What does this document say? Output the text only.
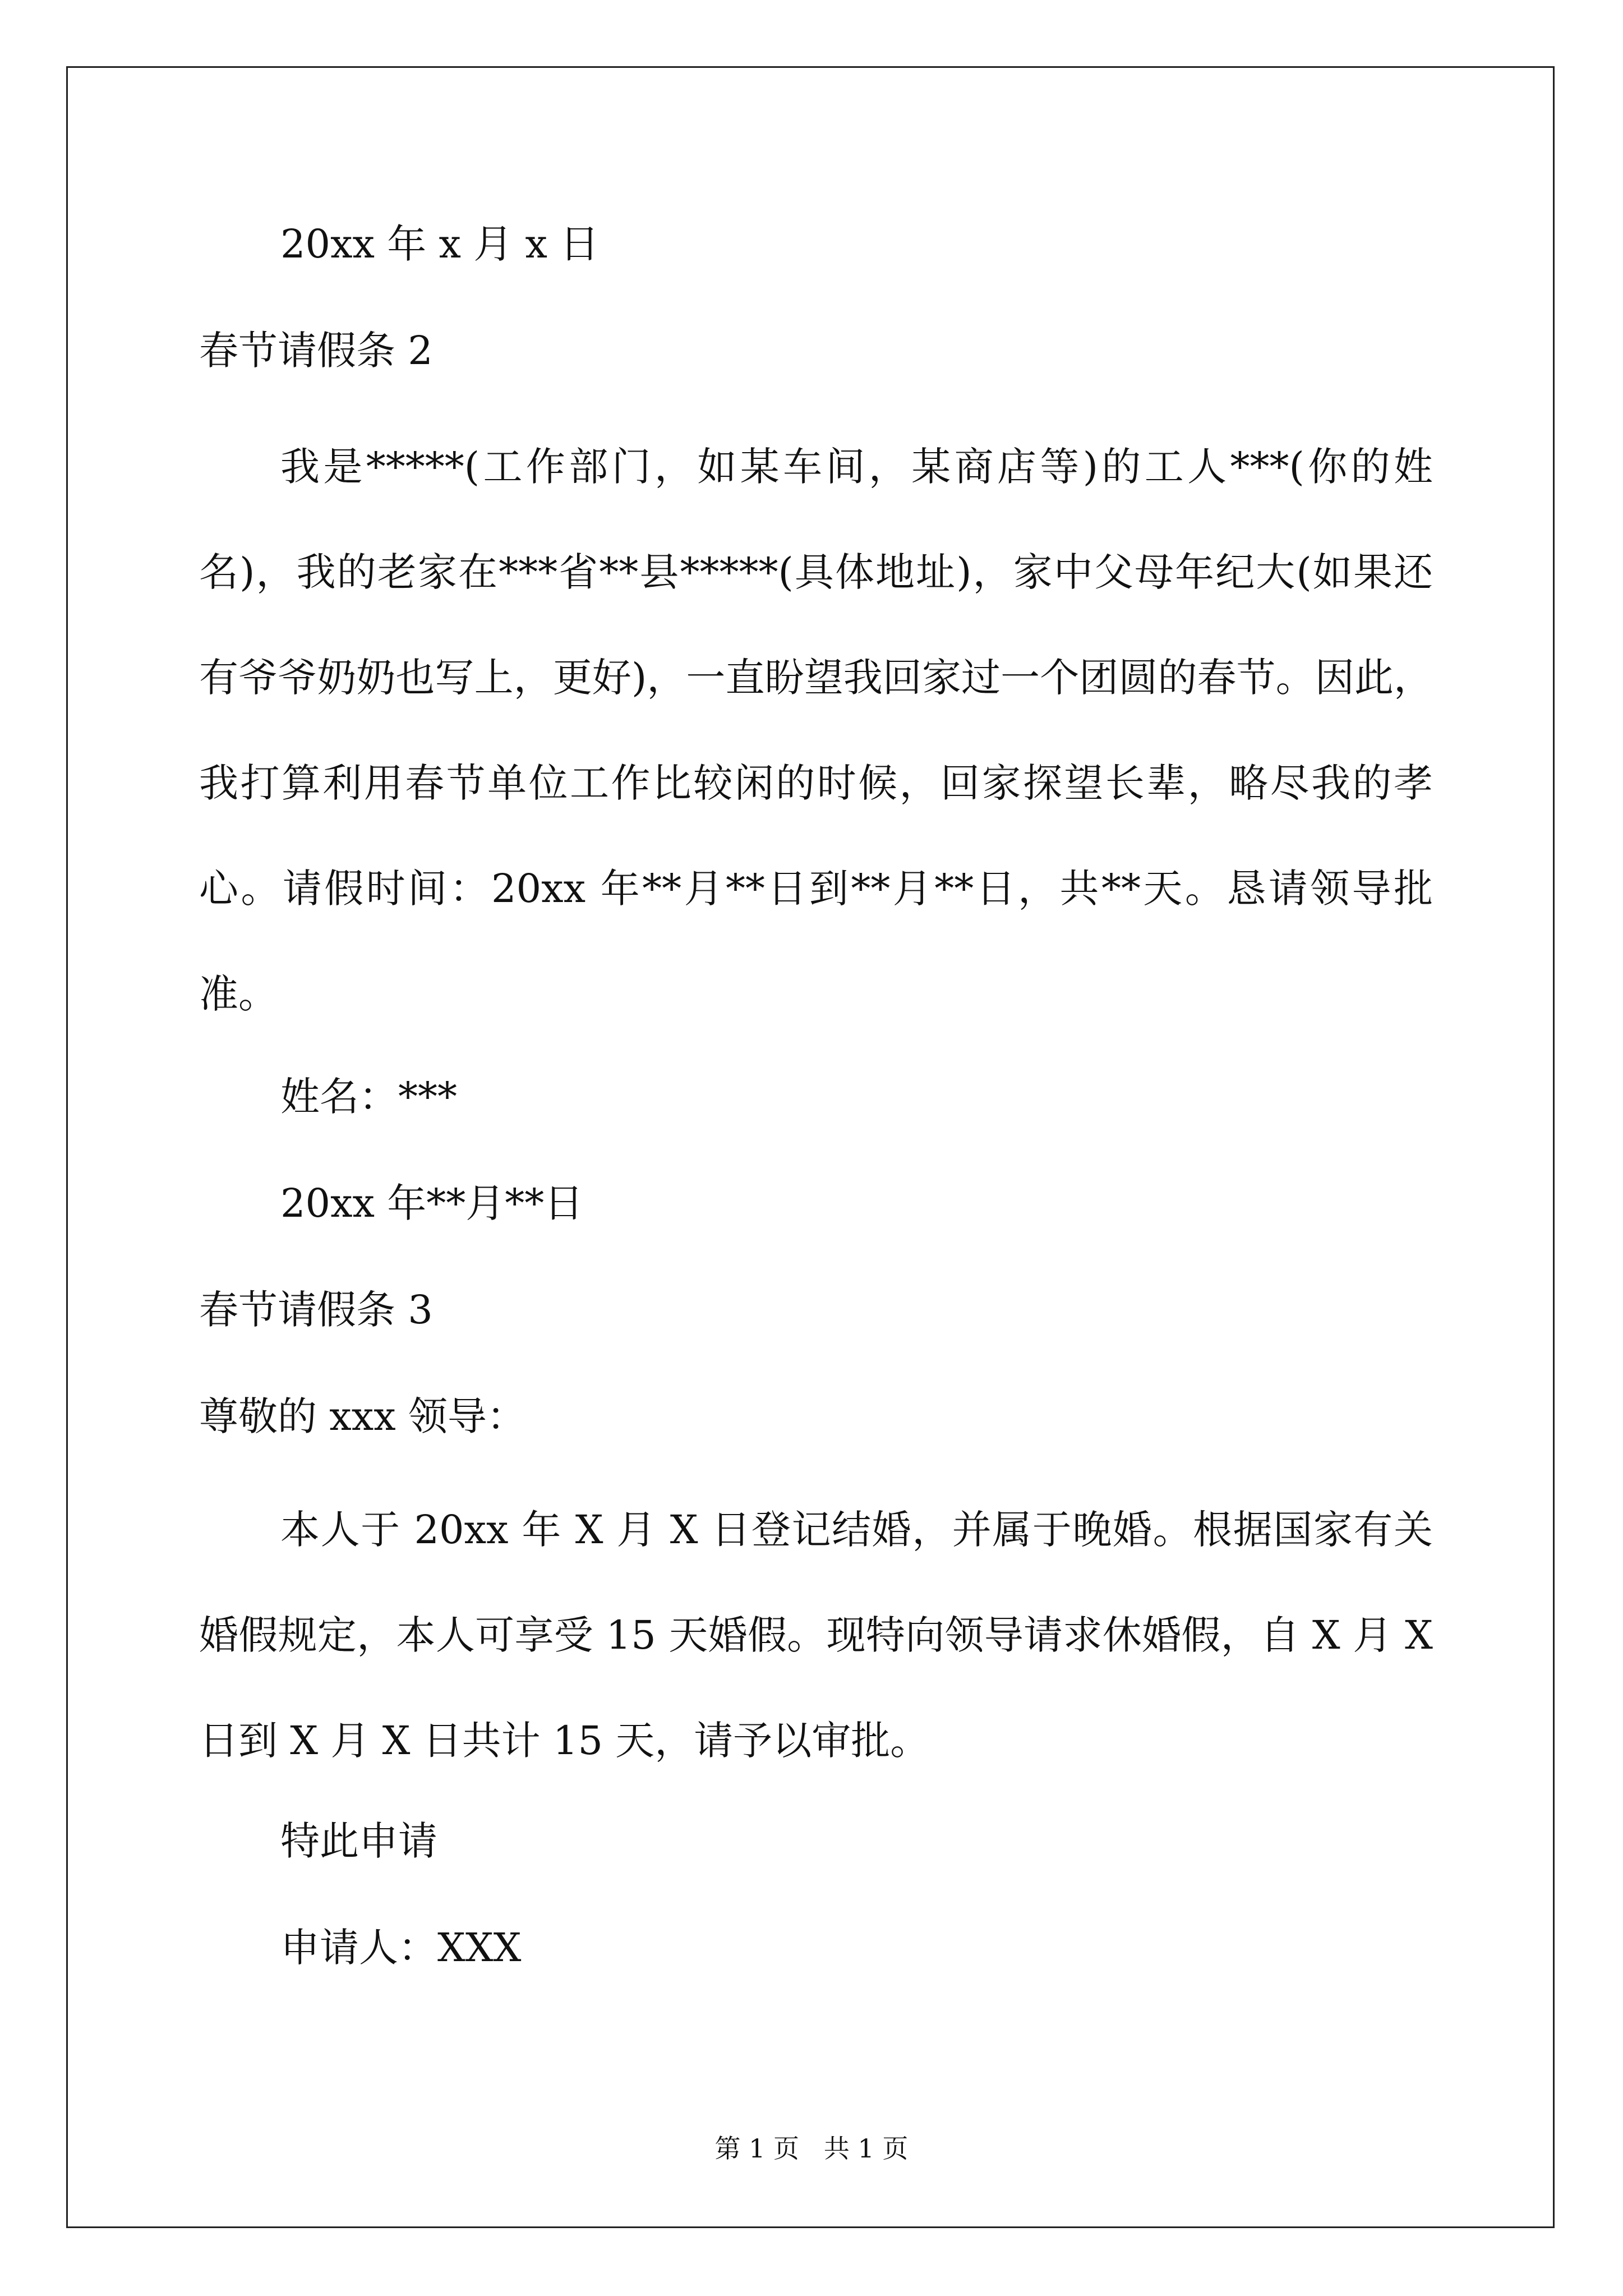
20xx 年 x 月 x 日

春节请假条 2

我是*****(工作部门，如某车间，某商店等)的工人***(你的姓名)，我的老家在***省**县*****(具体地址)，家中父母年纪大(如果还有爷爷奶奶也写上，更好)，一直盼望我回家过一个团圆的春节。因此，我打算利用春节单位工作比较闲的时候，回家探望长辈，略尽我的孝心。请假时间：20xx 年**月**日到**月**日，共**天。恳请领导批准。

姓名：***

20xx 年**月**日

春节请假条 3

尊敬的 xxx 领导：

本人于 20xx 年 X 月 X 日登记结婚，并属于晚婚。根据国家有关婚假规定，本人可享受 15 天婚假。现特向领导请求休婚假，自 X 月 X 日到 X 月 X 日共计 15 天，请予以审批。

特此申请

申请人：XXX

第 1 页   共 1 页
